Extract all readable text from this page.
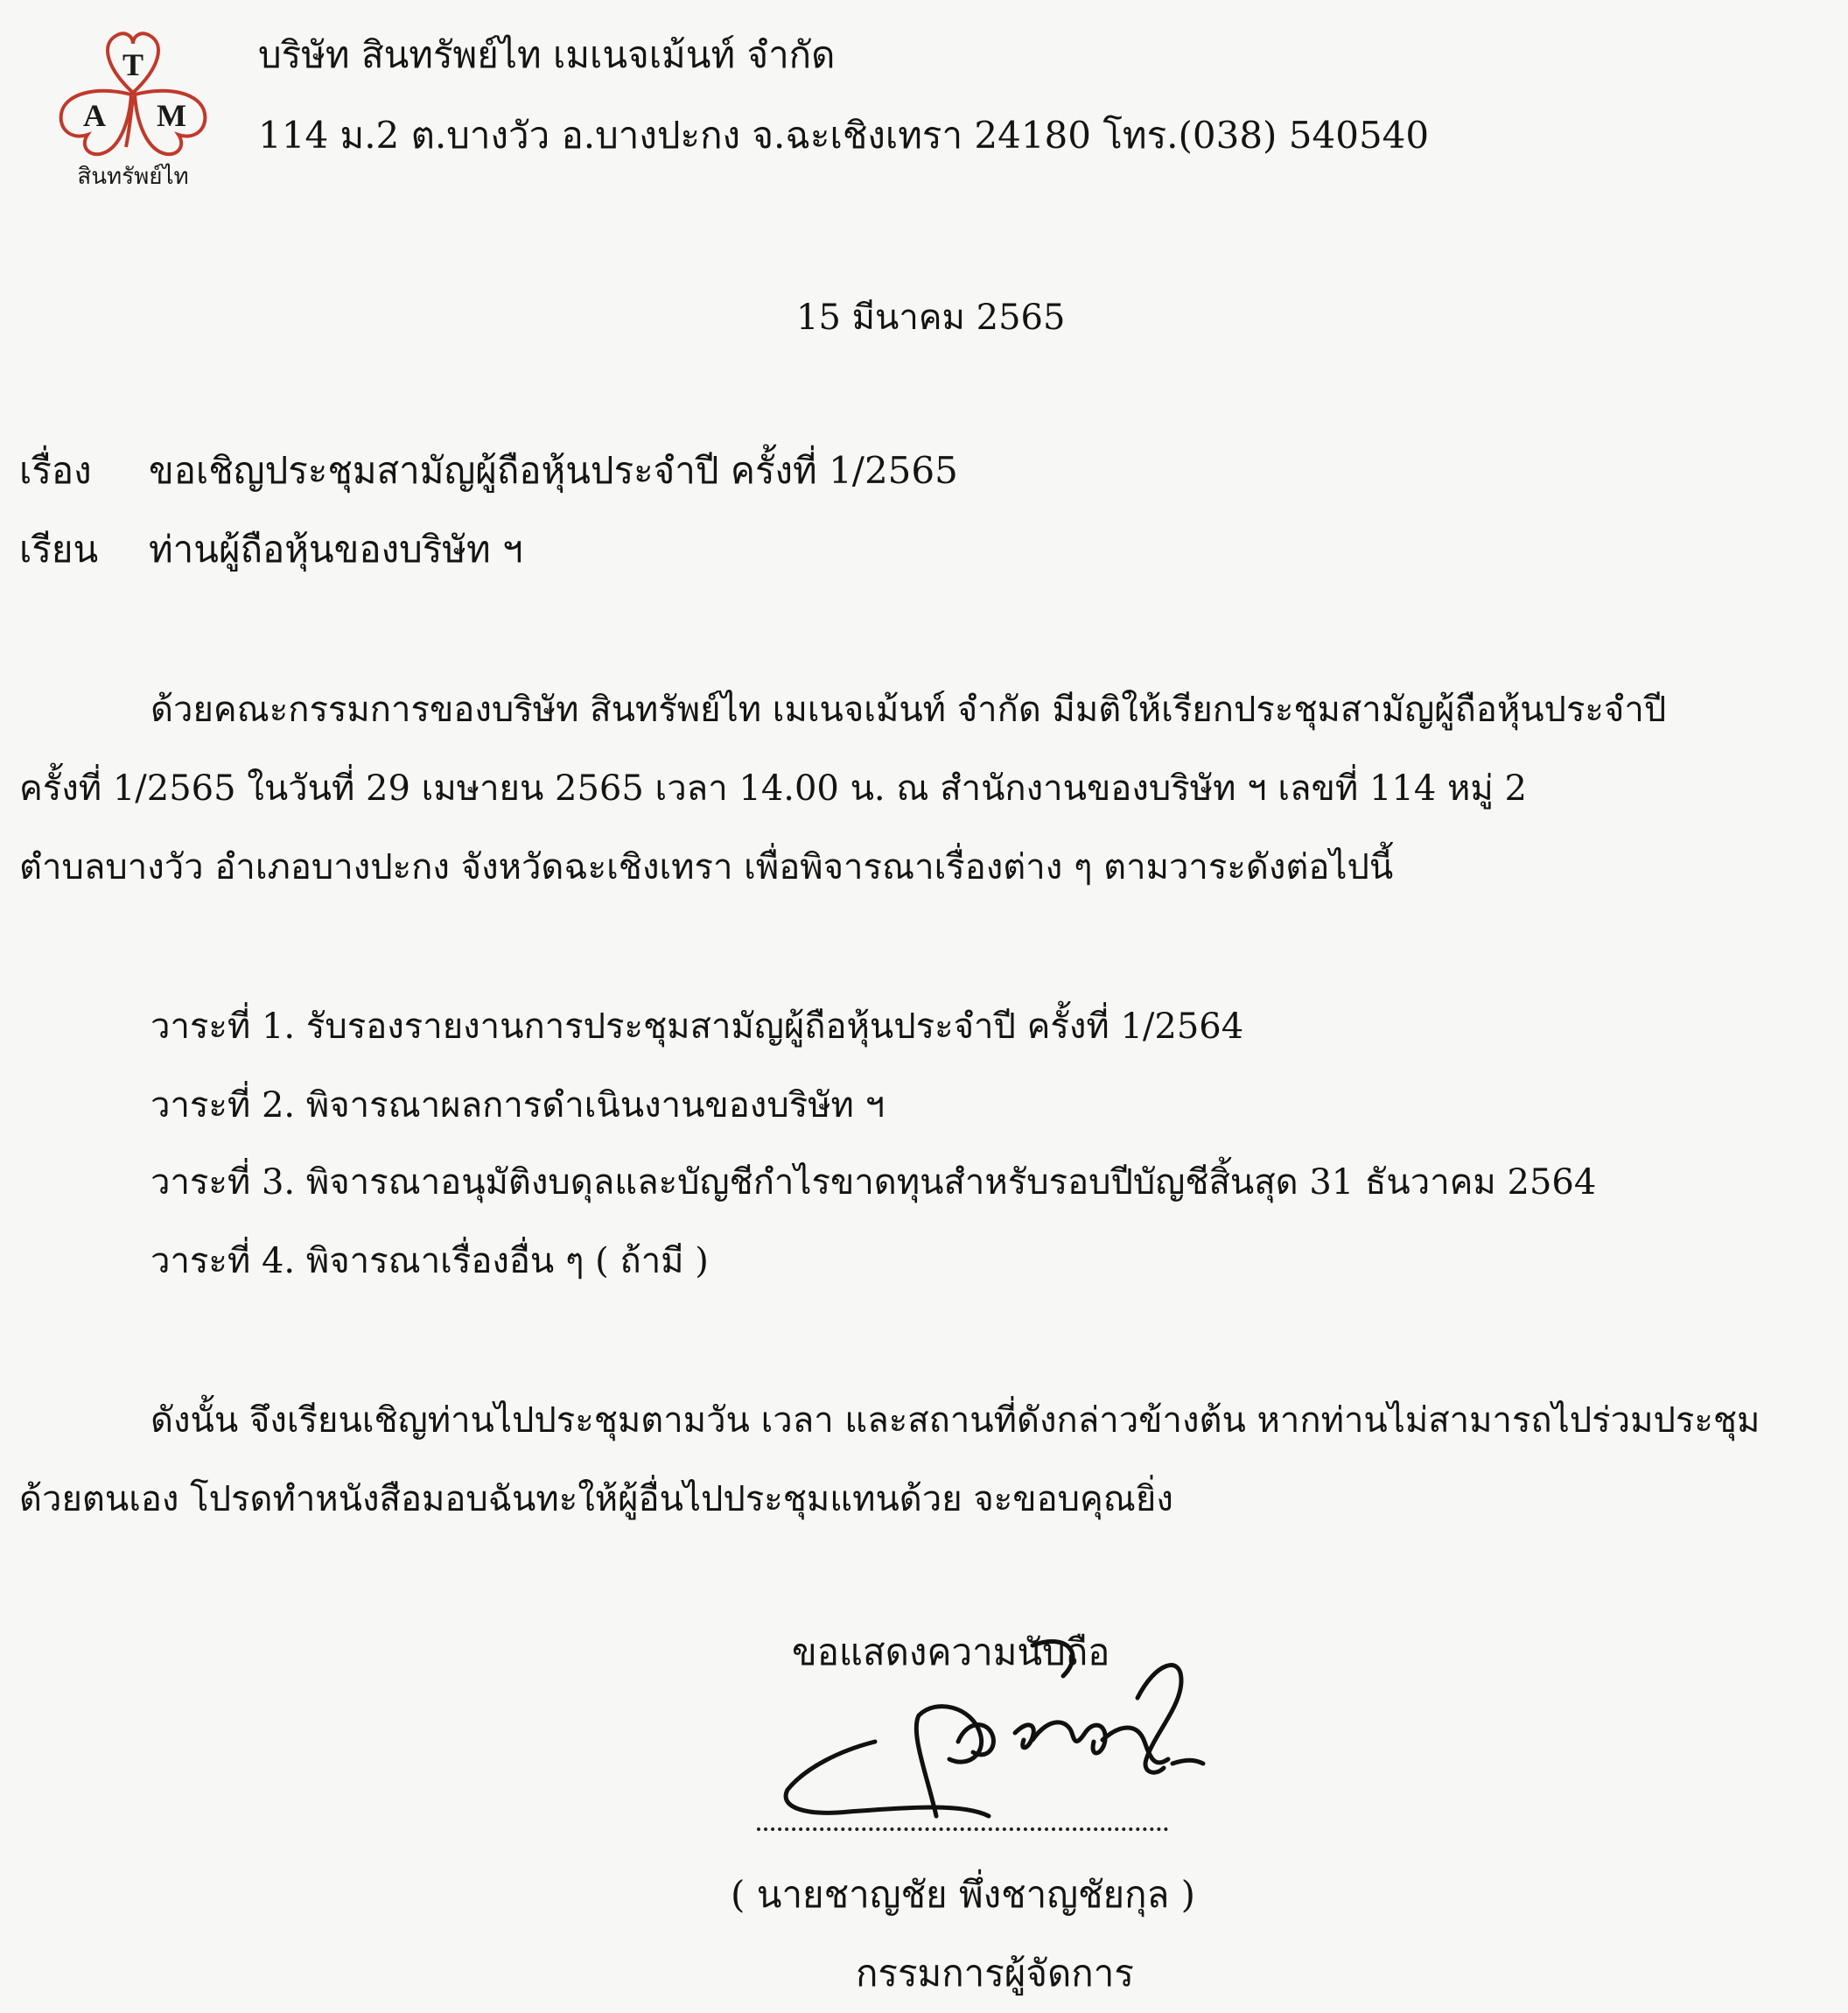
T
A M
สินทรัพย์ไท
บริษัท สินทรัพย์ไท เมเนจเม้นท์ จำกัด
114 ม.2 ต.บางวัว อ.บางปะกง จ.ฉะเชิงเทรา 24180 โทร.(038) 540540
15 มีนาคม 2565
เรื่อง ขอเชิญประชุมสามัญผู้ถือหุ้นประจำปี ครั้งที่ 1/2565
เรียน ท่านผู้ถือหุ้นของบริษัท ฯ
ด้วยคณะกรรมการของบริษัท สินทรัพย์ไท เมเนจเม้นท์ จำกัด มีมติให้เรียกประชุมสามัญผู้ถือหุ้นประจำปี
ครั้งที่ 1/2565 ในวันที่ 29 เมษายน 2565 เวลา 14.00 น. ณ สำนักงานของบริษัท ฯ เลขที่ 114 หมู่ 2
ตำบลบางวัว อำเภอบางปะกง จังหวัดฉะเชิงเทรา เพื่อพิจารณาเรื่องต่าง ๆ ตามวาระดังต่อไปนี้
วาระที่ 1. รับรองรายงานการประชุมสามัญผู้ถือหุ้นประจำปี ครั้งที่ 1/2564
วาระที่ 2. พิจารณาผลการดำเนินงานของบริษัท ฯ
วาระที่ 3. พิจารณาอนุมัติงบดุลและบัญชีกำไรขาดทุนสำหรับรอบปีบัญชีสิ้นสุด 31 ธันวาคม 2564
วาระที่ 4. พิจารณาเรื่องอื่น ๆ ( ถ้ามี )
ดังนั้น จึงเรียนเชิญท่านไปประชุมตามวัน เวลา และสถานที่ดังกล่าวข้างต้น หากท่านไม่สามารถไปร่วมประชุม
ด้วยตนเอง โปรดทำหนังสือมอบฉันทะให้ผู้อื่นไปประชุมแทนด้วย จะขอบคุณยิ่ง
ขอแสดงความนับถือ
( นายชาญชัย พึ่งชาญชัยกุล )
กรรมการผู้จัดการ
